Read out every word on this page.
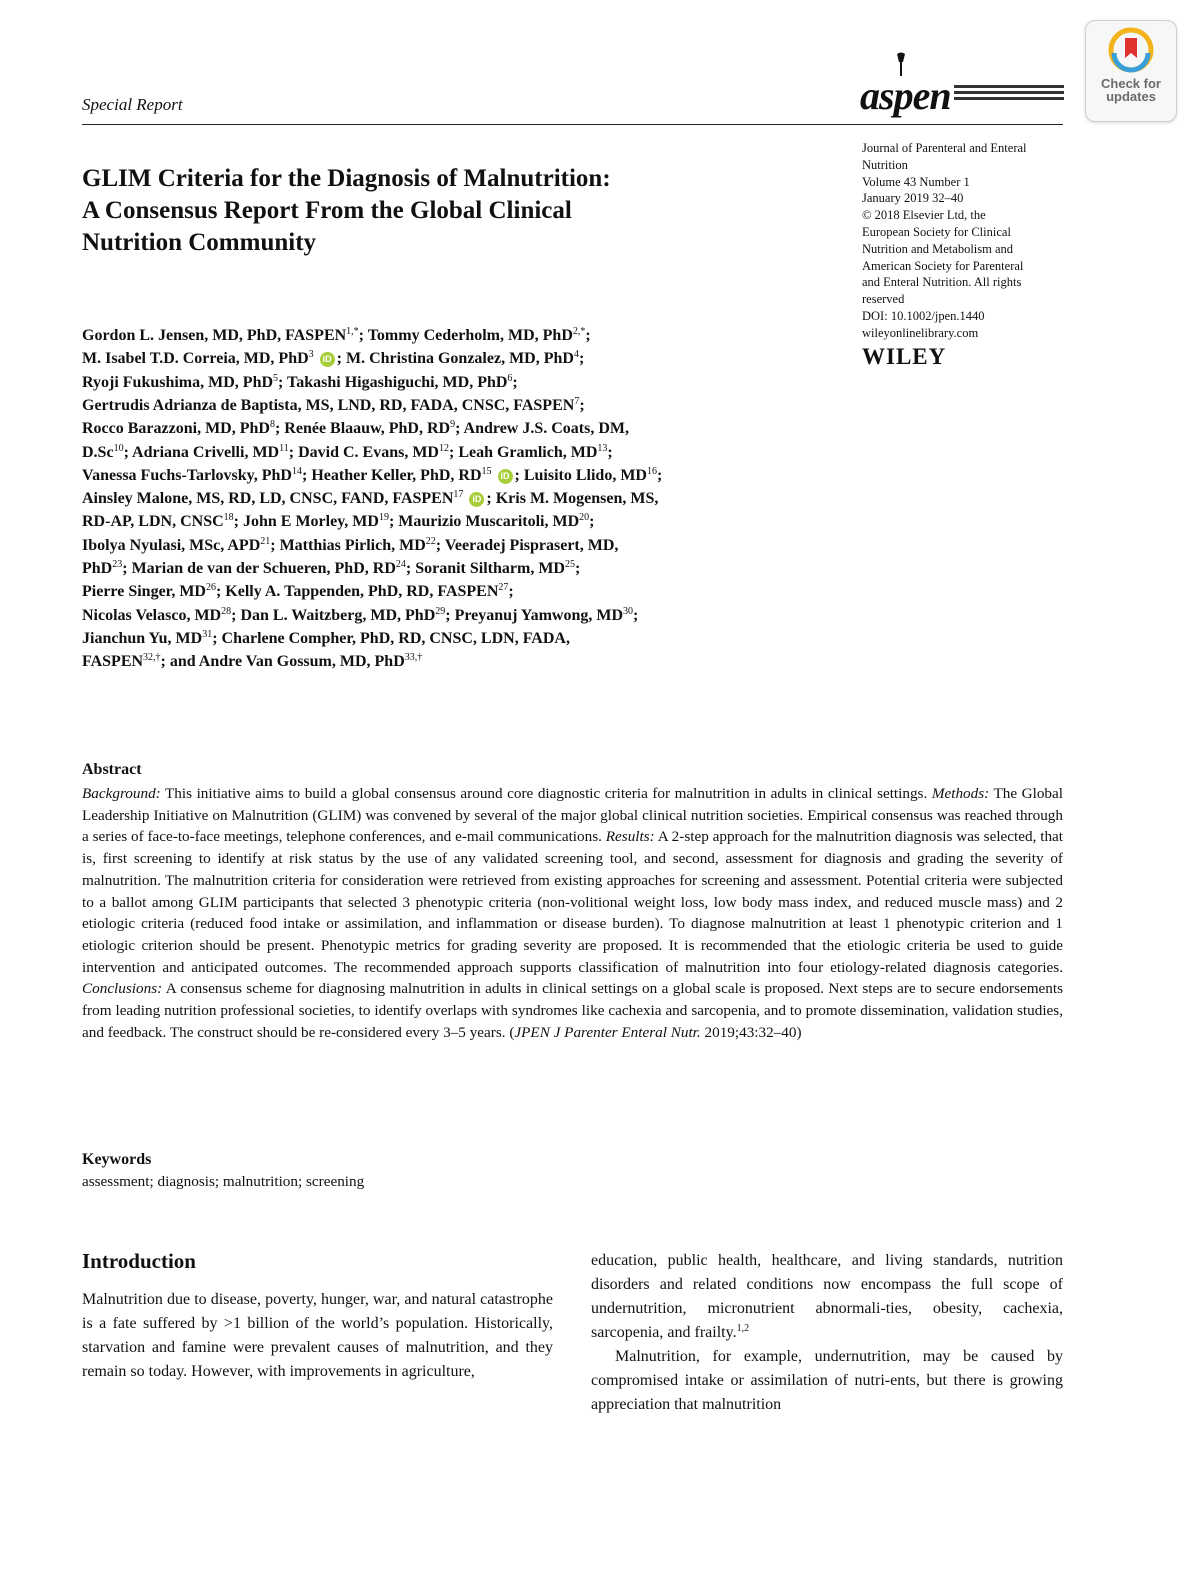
Check for
updates
aspen
Special Report
GLIM Criteria for the Diagnosis of Malnutrition:
A Consensus Report From the Global Clinical
Nutrition Community
Journal of Parenteral and Enteral
Nutrition
Volume 43 Number 1
January 2019 32–40
© 2018 Elsevier Ltd, the
European Society for Clinical
Nutrition and Metabolism and
American Society for Parenteral
and Enteral Nutrition. All rights
reserved
DOI: 10.1002/jpen.1440
wileyonlinelibrary.com
WILEY
Gordon L. Jensen, MD, PhD, $FASPEN^{1,*}$; Tommy Cederholm, MD, PhD$^{2,*}$;
M. Isabel T.D. Correia, MD, PhD$^3$ iD ; M. Christina Gonzalez, MD, PhD$^4$;
Ryoji Fukushima, MD, PhD$^5$; Takashi Higashiguchi, MD, PhD$^6$;
Gertrudis Adrianza de Baptista, MS, LND, RD, FADA, CNSC, FASPEN$^7$;
Rocco Barazzoni, MD, PhD$^8$; Renée Blaauw, PhD, $RD^9$; Andrew J.S. Coats, DM,
D.Sc$^{10}$; Adriana Crivelli, MD$^{11}$; David C. Evans, MD$^{12}$; Leah Gramlich, MD$^{13}$;
Vanessa Fuchs-Tarlovsky, PhD$^{14}$; Heather Keller, PhD, RD$^{15}$ iD ; Luisito Llido, MD$^{16}$;
Ainsley Malone, MS, RD, LD, CNSC, FAND, FASPEN$^{17}$ iD ; Kris M. Mogensen, MS,
RD-AP, LDN, CNSC$^{18}$; John E Morley, MD$^{19}$; Maurizio Muscaritoli, MD$^{20}$;
Ibolya Nyulasi, MSc, APD$^{21}$; Matthias Pirlich, MD$^{22}$; Veeradej Pisprasert, MD,
PhD$^{23}$; Marian de van der Schueren, PhD, RD$^{24}$; Soranit Siltharm, MD$^{25}$;
Pierre Singer, MD$^{26}$; Kelly A. Tappenden, PhD, RD, FASPEN$^{27}$;
Nicolas Velasco, MD$^{28}$; Dan L. Waitzberg, MD, PhD$^{29}$; Preyanuj Yamwong, MD$^{30}$;
Jianchun Yu, MD$^{31}$; Charlene Compher, PhD, RD, CNSC, LDN, FADA,
$FASPEN^{32,\dagger}$; and Andre Van Gossum, MD, PhD$^{33,\dagger}$
Abstract
Background: This initiative aims to build a global consensus around core diagnostic criteria for malnutrition in adults in clinical settings. Methods: The Global Leadership Initiative on Malnutrition (GLIM) was convened by several of the major global clinical nutrition societies. Empirical consensus was reached through a series of face-to-face meetings, telephone conferences, and e-mail communications. Results: A 2-step approach for the malnutrition diagnosis was selected, that is, first screening to identify at risk status by the use of any validated screening tool, and second, assessment for diagnosis and grading the severity of malnutrition. The malnutrition criteria for consideration were retrieved from existing approaches for screening and assessment. Potential criteria were subjected to a ballot among GLIM participants that selected 3 phenotypic criteria (non-volitional weight loss, low body mass index, and reduced muscle mass) and 2 etiologic criteria (reduced food intake or assimilation, and inflammation or disease burden). To diagnose malnutrition at least 1 phenotypic criterion and 1 etiologic criterion should be present. Phenotypic metrics for grading severity are proposed. It is recommended that the etiologic criteria be used to guide intervention and anticipated outcomes. The recommended approach supports classification of malnutrition into four etiology-related diagnosis categories. Conclusions: A consensus scheme for diagnosing malnutrition in adults in clinical settings on a global scale is proposed. Next steps are to secure endorsements from leading nutrition professional societies, to identify overlaps with syndromes like cachexia and sarcopenia, and to promote dissemination, validation studies, and feedback. The construct should be re-considered every 3–5 years. (JPEN J Parenter Enteral Nutr. 2019;43:32–40)
Keywords
assessment; diagnosis; malnutrition; screening
Introduction

Malnutrition due to disease, poverty, hunger, war, and natural catastrophe is a fate suffered by >1 billion of the world’s population. Historically, starvation and famine were prevalent causes of malnutrition, and they remain so today. However, with improvements in agriculture,

education, public health, healthcare, and living standards, nutrition disorders and related conditions now encompass the full scope of undernutrition, micronutrient abnormali-ties, obesity, cachexia, sarcopenia, and frailty.$^{1,2}$

Malnutrition, for example, undernutrition, may be caused by compromised intake or assimilation of nutri-ents, but there is growing appreciation that malnutrition
